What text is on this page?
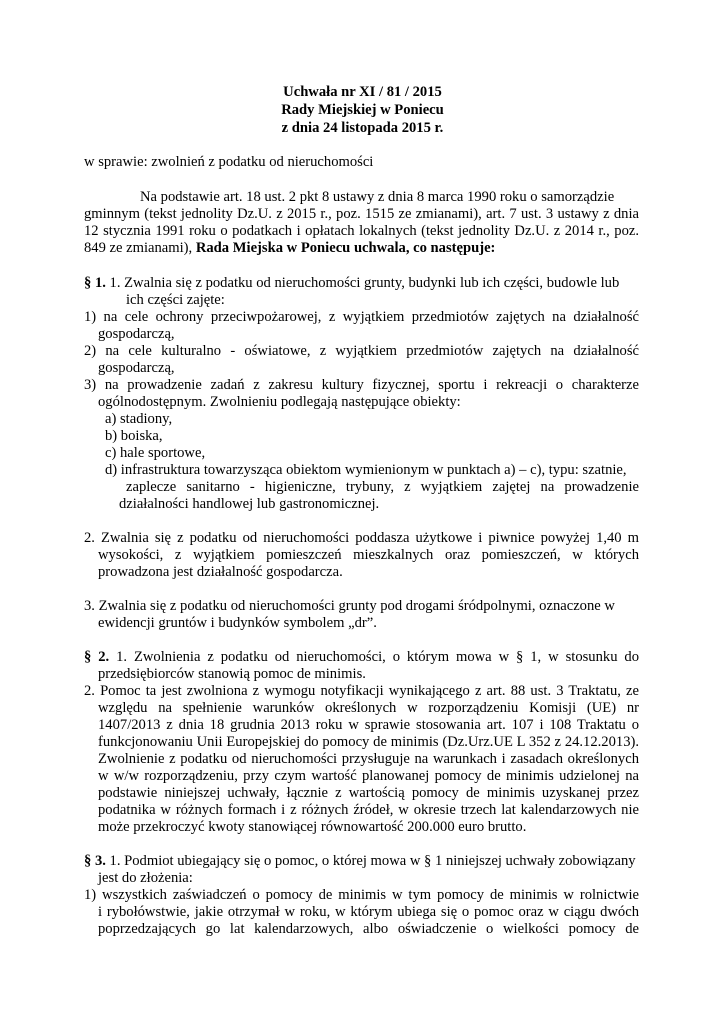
Uchwała nr XI / 81 / 2015
Rady Miejskiej w Poniecu
z dnia 24 listopada 2015 r.
w sprawie: zwolnień z podatku od nieruchomości
Na podstawie art. 18 ust. 2 pkt 8 ustawy z dnia 8 marca 1990 roku o samorządzie
gminnym (tekst jednolity Dz.U. z 2015 r., poz. 1515 ze zmianami), art. 7 ust. 3 ustawy z dnia
12 stycznia 1991 roku o podatkach i opłatach lokalnych (tekst jednolity Dz.U. z 2014 r., poz.
849 ze zmianami), Rada Miejska w Poniecu uchwala, co następuje:
§ 1. 1. Zwalnia się z podatku od nieruchomości grunty, budynki lub ich części, budowle lub
ich części zajęte:
1) na cele ochrony przeciwpożarowej, z wyjątkiem przedmiotów zajętych na działalność
gospodarczą,
2) na cele kulturalno - oświatowe, z wyjątkiem przedmiotów zajętych na działalność
gospodarczą,
3) na prowadzenie zadań z zakresu kultury fizycznej, sportu i rekreacji o charakterze
ogólnodostępnym. Zwolnieniu podlegają następujące obiekty:
a) stadiony,
b) boiska,
c) hale sportowe,
d) infrastruktura towarzysząca obiektom wymienionym w punktach a) – c), typu: szatnie,
zaplecze sanitarno - higieniczne, trybuny, z wyjątkiem zajętej na prowadzenie
działalności handlowej lub gastronomicznej.
2. Zwalnia się z podatku od nieruchomości poddasza użytkowe i piwnice powyżej 1,40 m
wysokości, z wyjątkiem pomieszczeń mieszkalnych oraz pomieszczeń, w których
prowadzona jest działalność gospodarcza.
3. Zwalnia się z podatku od nieruchomości grunty pod drogami śródpolnymi, oznaczone w
ewidencji gruntów i budynków symbolem „dr”.
§ 2. 1. Zwolnienia z podatku od nieruchomości, o którym mowa w § 1, w stosunku do
przedsiębiorców stanowią pomoc de minimis.
2. Pomoc ta jest zwolniona z wymogu notyfikacji wynikającego z art. 88 ust. 3 Traktatu, ze
względu na spełnienie warunków określonych w rozporządzeniu Komisji (UE) nr
1407/2013 z dnia 18 grudnia 2013 roku w sprawie stosowania art. 107 i 108 Traktatu o
funkcjonowaniu Unii Europejskiej do pomocy de minimis (Dz.Urz.UE L 352 z 24.12.2013).
Zwolnienie z podatku od nieruchomości przysługuje na warunkach i zasadach określonych
w w/w rozporządzeniu, przy czym wartość planowanej pomocy de minimis udzielonej na
podstawie niniejszej uchwały, łącznie z wartością pomocy de minimis uzyskanej przez
podatnika w różnych formach i z różnych źródeł, w okresie trzech lat kalendarzowych nie
może przekroczyć kwoty stanowiącej równowartość 200.000 euro brutto.
§ 3. 1. Podmiot ubiegający się o pomoc, o której mowa w § 1 niniejszej uchwały zobowiązany
jest do złożenia:
1) wszystkich zaświadczeń o pomocy de minimis w tym pomocy de minimis w rolnictwie
i rybołówstwie, jakie otrzymał w roku, w którym ubiega się o pomoc oraz w ciągu dwóch
poprzedzających go lat kalendarzowych, albo oświadczenie o wielkości pomocy de
